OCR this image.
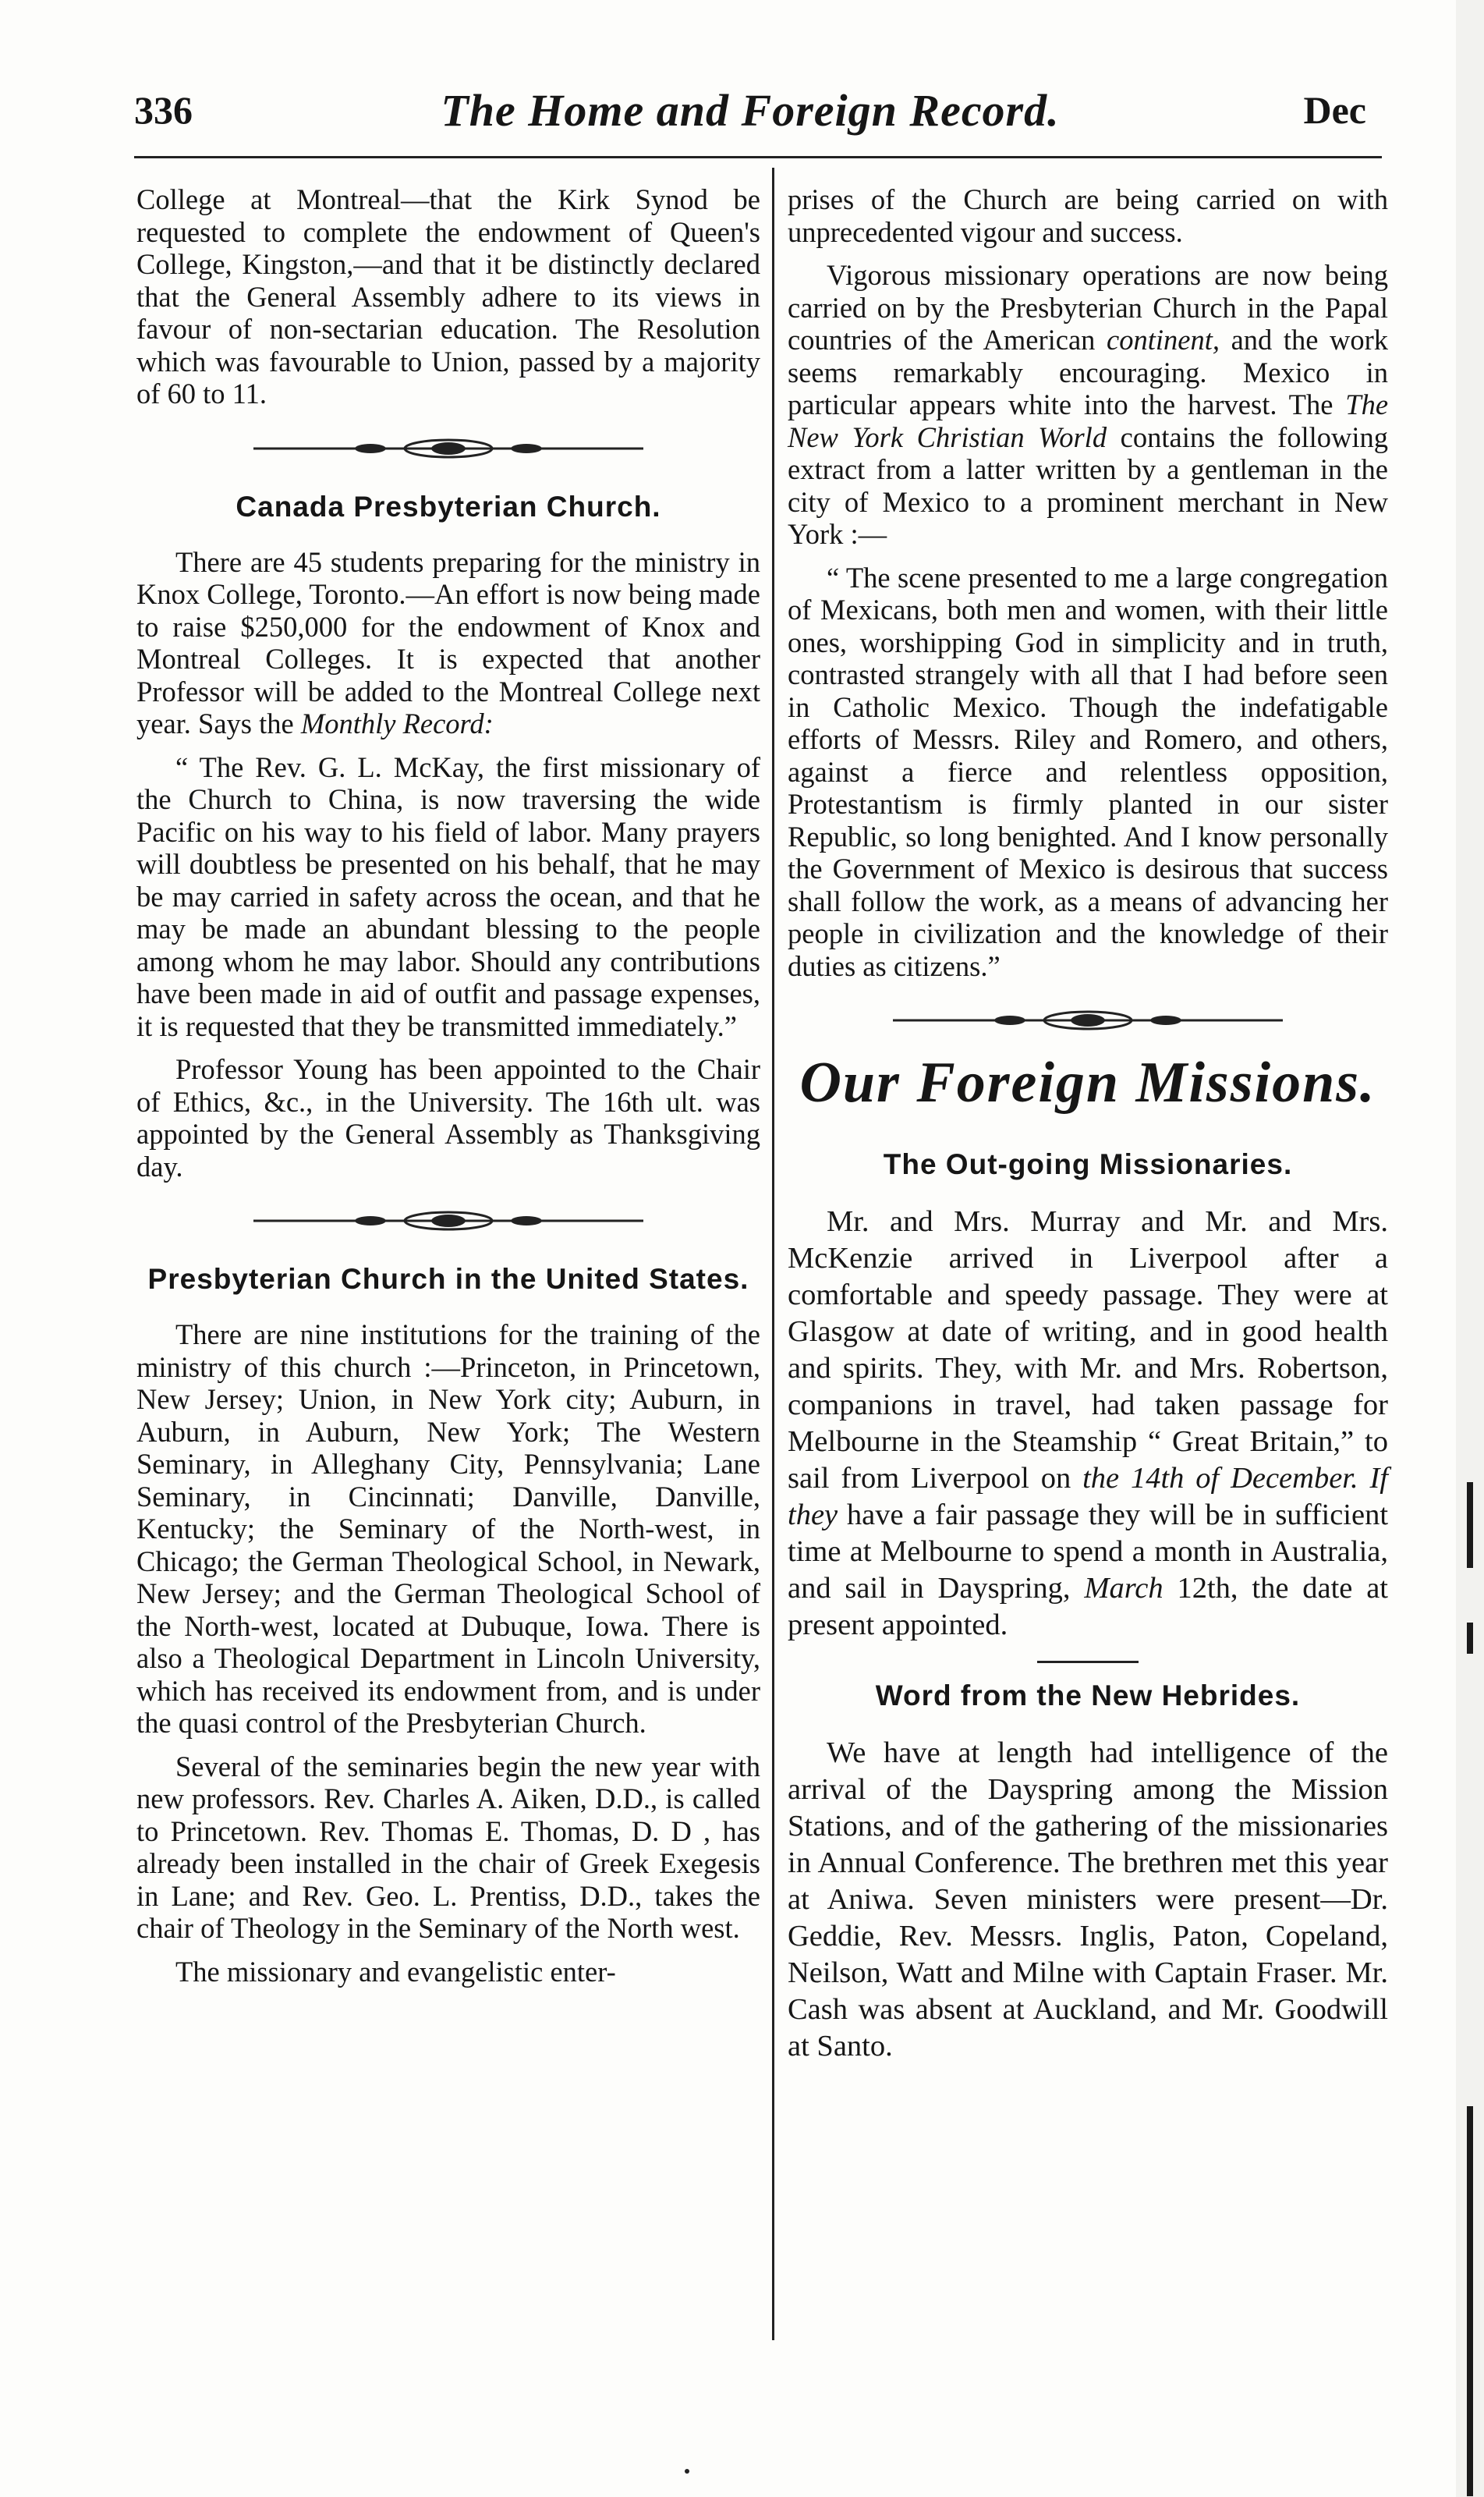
336	The Home and Foreign Record.	Dec

College at Montreal—that the Kirk Synod be requested to complete the endowment of Queen's College, Kingston,—and that it be distinctly declared that the General Assembly adhere to its views in favour of non-sectarian education. The Resolution which was favourable to Union, passed by a majority of 60 to 11.

Canada Presbyterian Church.

There are 45 students preparing for the ministry in Knox College, Toronto.—An effort is now being made to raise $250,000 for the endowment of Knox and Montreal Colleges. It is expected that another Professor will be added to the Montreal College next year. Says the Monthly Record:

“ The Rev. G. L. McKay, the first missionary of the Church to China, is now traversing the wide Pacific on his way to his field of labor. Many prayers will doubtless be presented on his behalf, that he may be may carried in safety across the ocean, and that he may be made an abundant blessing to the people among whom he may labor. Should any contributions have been made in aid of outfit and passage expenses, it is requested that they be transmitted immediately.”

Professor Young has been appointed to the Chair of Ethics, &c., in the University. The 16th ult. was appointed by the General Assembly as Thanksgiving day.

Presbyterian Church in the United States.

There are nine institutions for the training of the ministry of this church :—Princeton, in Princetown, New Jersey; Union, in New York city; Auburn, in Auburn, in Auburn, New York; The Western Seminary, in Alleghany City, Pennsylvania; Lane Seminary, in Cincinnati; Danville, Danville, Kentucky; the Seminary of the North-west, in Chicago; the German Theological School, in Newark, New Jersey; and the German Theological School of the North-west, located at Dubuque, Iowa. There is also a Theological Department in Lincoln University, which has received its endowment from, and is under the quasi control of the Presbyterian Church.

Several of the seminaries begin the new year with new professors. Rev. Charles A. Aiken, D.D., is called to Princetown. Rev. Thomas E. Thomas, D. D , has already been installed in the chair of Greek Exegesis in Lane; and Rev. Geo. L. Prentiss, D.D., takes the chair of Theology in the Seminary of the North west.

The missionary and evangelistic enter-

prises of the Church are being carried on with unprecedented vigour and success.

Vigorous missionary operations are now being carried on by the Presbyterian Church in the Papal countries of the American continent, and the work seems remarkably encouraging. Mexico in particular appears white into the harvest. The The New York Christian World contains the following extract from a latter written by a gentleman in the city of Mexico to a prominent merchant in New York :—

“ The scene presented to me a large congregation of Mexicans, both men and women, with their little ones, worshipping God in simplicity and in truth, contrasted strangely with all that I had before seen in Catholic Mexico. Though the indefatigable efforts of Messrs. Riley and Romero, and others, against a fierce and relentless opposition, Protestantism is firmly planted in our sister Republic, so long benighted. And I know personally the Government of Mexico is desirous that success shall follow the work, as a means of advancing her people in civilization and the knowledge of their duties as citizens.”

Our Foreign Missions.
The Out-going Missionaries.

Mr. and Mrs. Murray and Mr. and Mrs. McKenzie arrived in Liverpool after a comfortable and speedy passage. They were at Glasgow at date of writing, and in good health and spirits. They, with Mr. and Mrs. Robertson, companions in travel, had taken passage for Melbourne in the Steamship “ Great Britain,” to sail from Liverpool on the 14th of December. If they have a fair passage they will be in sufficient time at Melbourne to spend a month in Australia, and sail in Dayspring, March 12th, the date at present appointed.

Word from the New Hebrides.

We have at length had intelligence of the arrival of the Dayspring among the Mission Stations, and of the gathering of the missionaries in Annual Conference. The brethren met this year at Aniwa. Seven ministers were present—Dr. Geddie, Rev. Messrs. Inglis, Paton, Copeland, Neilson, Watt and Milne with Captain Fraser. Mr. Cash was absent at Auckland, and Mr. Goodwill at Santo.
